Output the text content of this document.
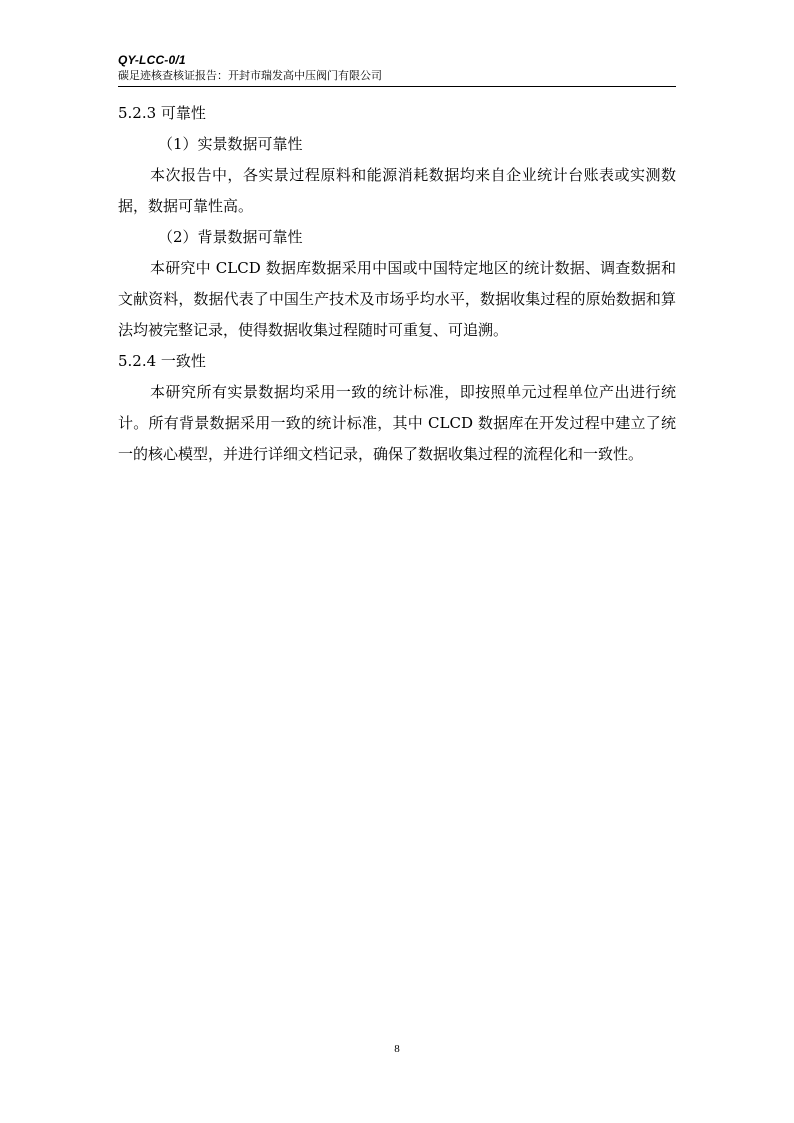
QY-LCC-0/1
碳足迹核查核证报告：开封市瑞发高中压阀门有限公司

5.2.3 可靠性

（1）实景数据可靠性

本次报告中，各实景过程原料和能源消耗数据均来自企业统计台账表或实测数据，数据可靠性高。

（2）背景数据可靠性

本研究中 CLCD 数据库数据采用中国或中国特定地区的统计数据、调查数据和文献资料，数据代表了中国生产技术及市场乎均水平，数据收集过程的原始数据和算法均被完整记录，使得数据收集过程随时可重复、可追溯。

5.2.4 一致性

本研究所有实景数据均采用一致的统计标准，即按照单元过程单位产出进行统计。所有背景数据采用一致的统计标准，其中 CLCD 数据库在开发过程中建立了统一的核心模型，并进行详细文档记录，确保了数据收集过程的流程化和一致性。

8
